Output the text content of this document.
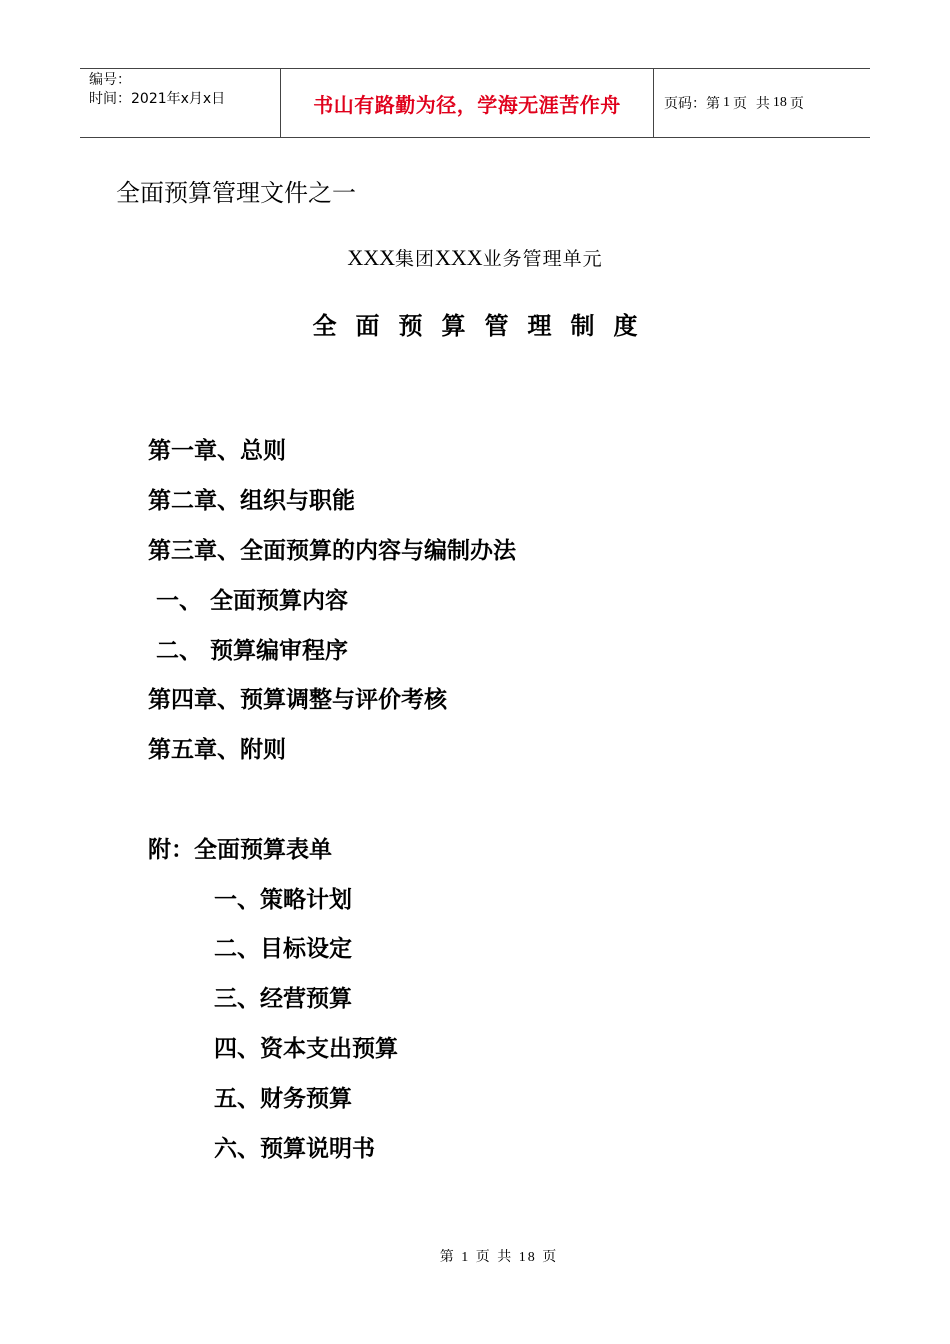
编号：
时间：2021年x月x日	书山有路勤为径，学海无涯苦作舟	页码：第 1 页  共 18 页
全面预算管理文件之一
XXX集团XXX业务管理单元
全面预算管理制度
第一章、总则
第二章、组织与职能
第三章、全面预算的内容与编制办法
一、 全面预算内容
二、 预算编审程序
第四章、预算调整与评价考核
第五章、附则
附：全面预算表单
一、策略计划
二、目标设定
三、经营预算
四、资本支出预算
五、财务预算
六、预算说明书
第 1 页 共 18 页
